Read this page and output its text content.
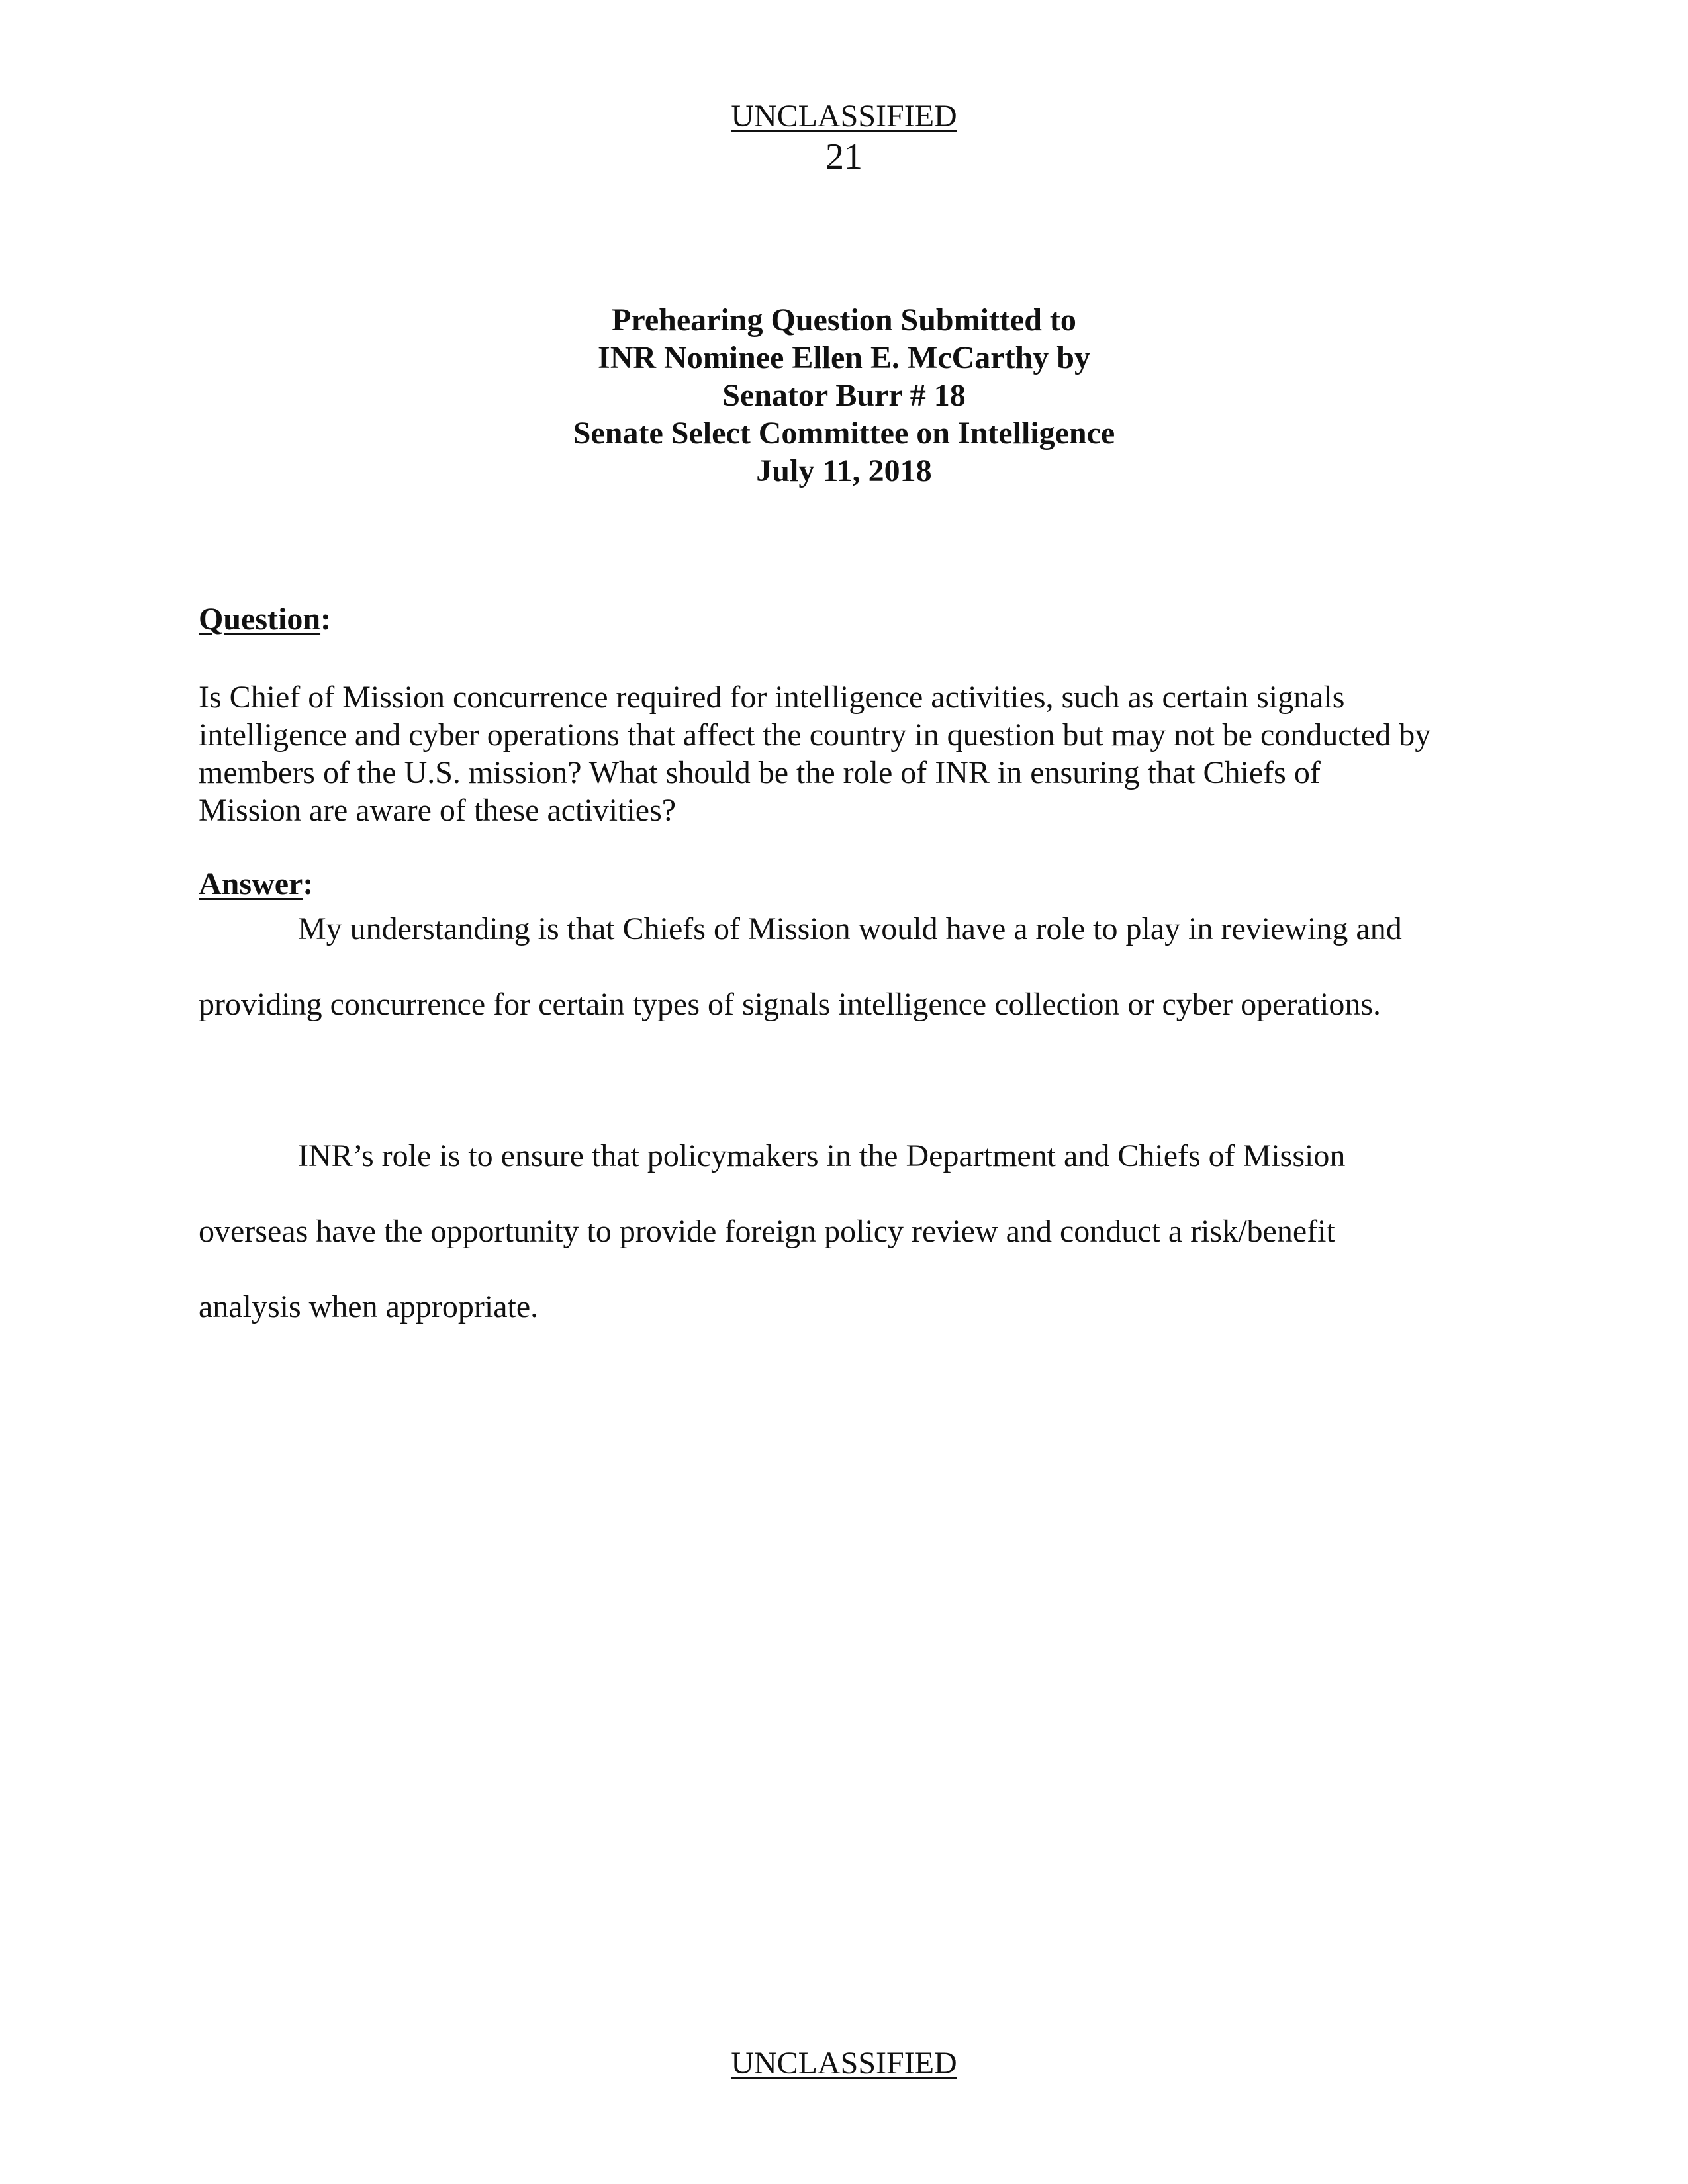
UNCLASSIFIED
21
Prehearing Question Submitted to
INR Nominee Ellen E. McCarthy by
Senator Burr # 18
Senate Select Committee on Intelligence
July 11, 2018
Question:
Is Chief of Mission concurrence required for intelligence activities, such as certain signals
intelligence and cyber operations that affect the country in question but may not be conducted by
members of the U.S. mission? What should be the role of INR in ensuring that Chiefs of
Mission are aware of these activities?
Answer:
My understanding is that Chiefs of Mission would have a role to play in reviewing and
providing concurrence for certain types of signals intelligence collection or cyber operations.
INR’s role is to ensure that policymakers in the Department and Chiefs of Mission
overseas have the opportunity to provide foreign policy review and conduct a risk/benefit
analysis when appropriate.
UNCLASSIFIED
